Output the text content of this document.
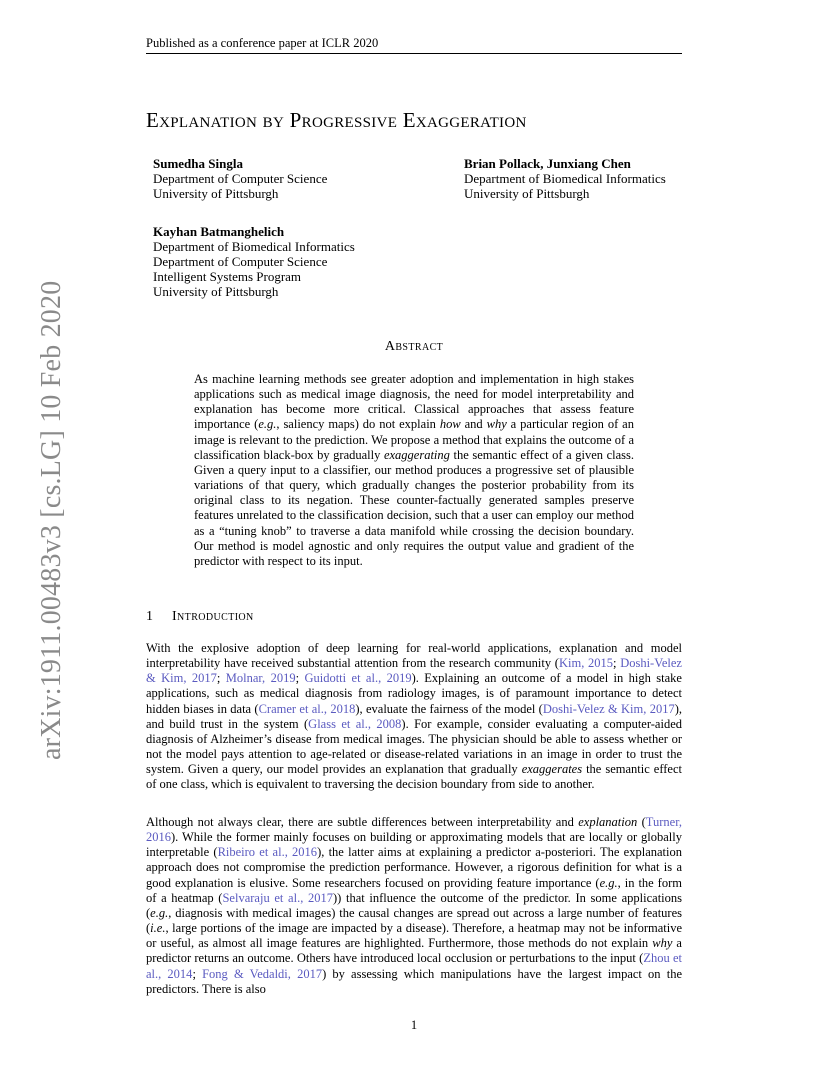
Published as a conference paper at ICLR 2020
Explanation by Progressive Exaggeration
Sumedha Singla
Department of Computer Science
University of Pittsburgh
Brian Pollack, Junxiang Chen
Department of Biomedical Informatics
University of Pittsburgh
Kayhan Batmanghelich
Department of Biomedical Informatics
Department of Computer Science
Intelligent Systems Program
University of Pittsburgh
arXiv:1911.00483v3 [cs.LG] 10 Feb 2020	Abstract
As machine learning methods see greater adoption and implementation in high stakes applications such as medical image diagnosis, the need for model interpretability and explanation has become more critical. Classical approaches that assess feature importance (e.g., saliency maps) do not explain how and why a particular region of an image is relevant to the prediction. We propose a method that explains the outcome of a classification black-box by gradually exaggerating the semantic effect of a given class. Given a query input to a classifier, our method produces a progressive set of plausible variations of that query, which gradually changes the posterior probability from its original class to its negation. These counter-factually generated samples preserve features unrelated to the classification decision, such that a user can employ our method as a “tuning knob” to traverse a data manifold while crossing the decision boundary. Our method is model agnostic and only requires the output value and gradient of the predictor with respect to its input.
1 Introduction

With the explosive adoption of deep learning for real-world applications, explanation and model interpretability have received substantial attention from the research community (Kim, 2015; Doshi-Velez & Kim, 2017; Molnar, 2019; Guidotti et al., 2019). Explaining an outcome of a model in high stake applications, such as medical diagnosis from radiology images, is of paramount importance to detect hidden biases in data (Cramer et al., 2018), evaluate the fairness of the model (Doshi-Velez & Kim, 2017), and build trust in the system (Glass et al., 2008). For example, consider evaluating a computer-aided diagnosis of Alzheimer’s disease from medical images. The physician should be able to assess whether or not the model pays attention to age-related or disease-related variations in an image in order to trust the system. Given a query, our model provides an explanation that gradually exaggerates the semantic effect of one class, which is equivalent to traversing the decision boundary from side to another.

Although not always clear, there are subtle differences between interpretability and explanation (Turner, 2016). While the former mainly focuses on building or approximating models that are locally or globally interpretable (Ribeiro et al., 2016), the latter aims at explaining a predictor a-posteriori. The explanation approach does not compromise the prediction performance. However, a rigorous definition for what is a good explanation is elusive. Some researchers focused on providing feature importance (e.g., in the form of a heatmap (Selvaraju et al., 2017)) that influence the outcome of the predictor. In some applications (e.g., diagnosis with medical images) the causal changes are spread out across a large number of features (i.e., large portions of the image are impacted by a disease). Therefore, a heatmap may not be informative or useful, as almost all image features are highlighted. Furthermore, those methods do not explain why a predictor returns an outcome. Others have introduced local occlusion or perturbations to the input (Zhou et al., 2014; Fong & Vedaldi, 2017) by assessing which manipulations have the largest impact on the predictors. There is also

1
